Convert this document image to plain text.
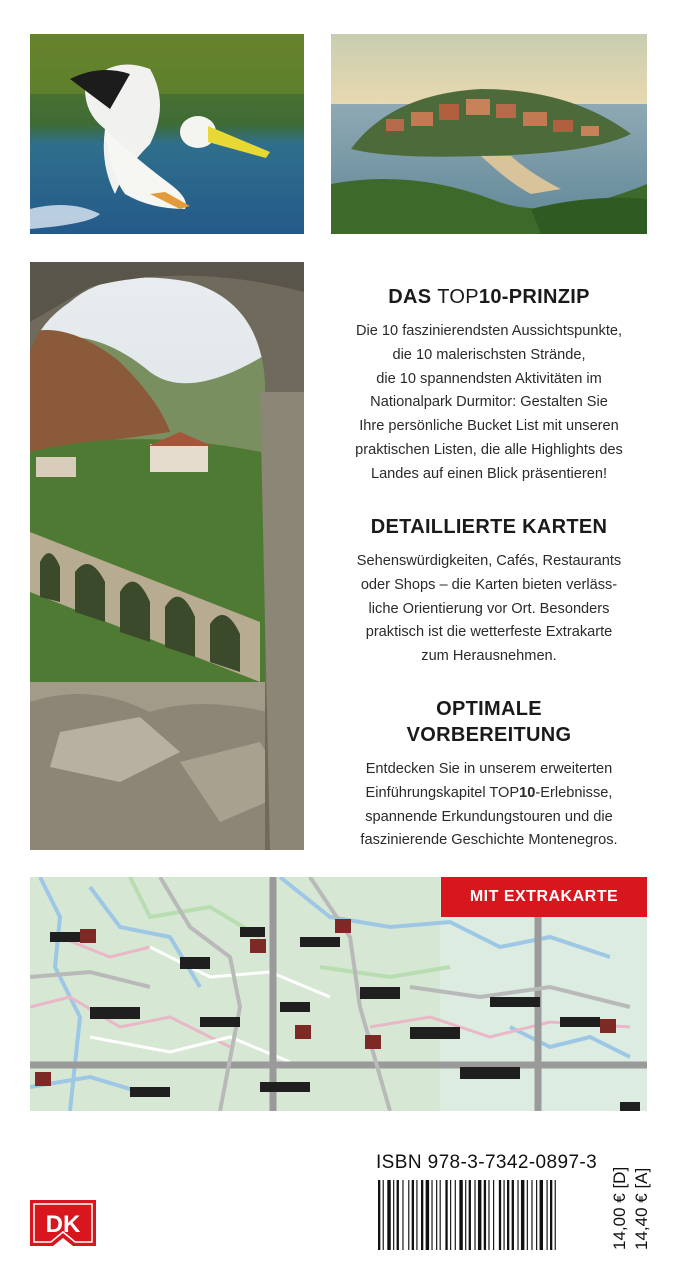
DAS TOP10-PRINZIP

Die 10 faszinierendsten Aussichtspunkte,
die 10 malerischsten Strände,
die 10 spannendsten Aktivitäten im
Nationalpark Durmitor: Gestalten Sie
Ihre persönliche Bucket List mit unseren
praktischen Listen, die alle Highlights des
Landes auf einen Blick präsentieren!

DETAILLIERTE KARTEN

Sehenswürdigkeiten, Cafés, Restaurants
oder Shops – die Karten bieten verläss-
liche Orientierung vor Ort. Besonders
praktisch ist die wetterfeste Extrakarte
zum Herausnehmen.

OPTIMALE
VORBEREITUNG

Entdecken Sie in unserem erweiterten
Einführungskapitel TOP10-Erlebnisse,
spannende Erkundungstouren und die
faszinierende Geschichte Montenegros.

MIT EXTRAKARTE
DK
ISBN 978-3-7342-0897-3
14,00 € [D] 14,40 € [A]
